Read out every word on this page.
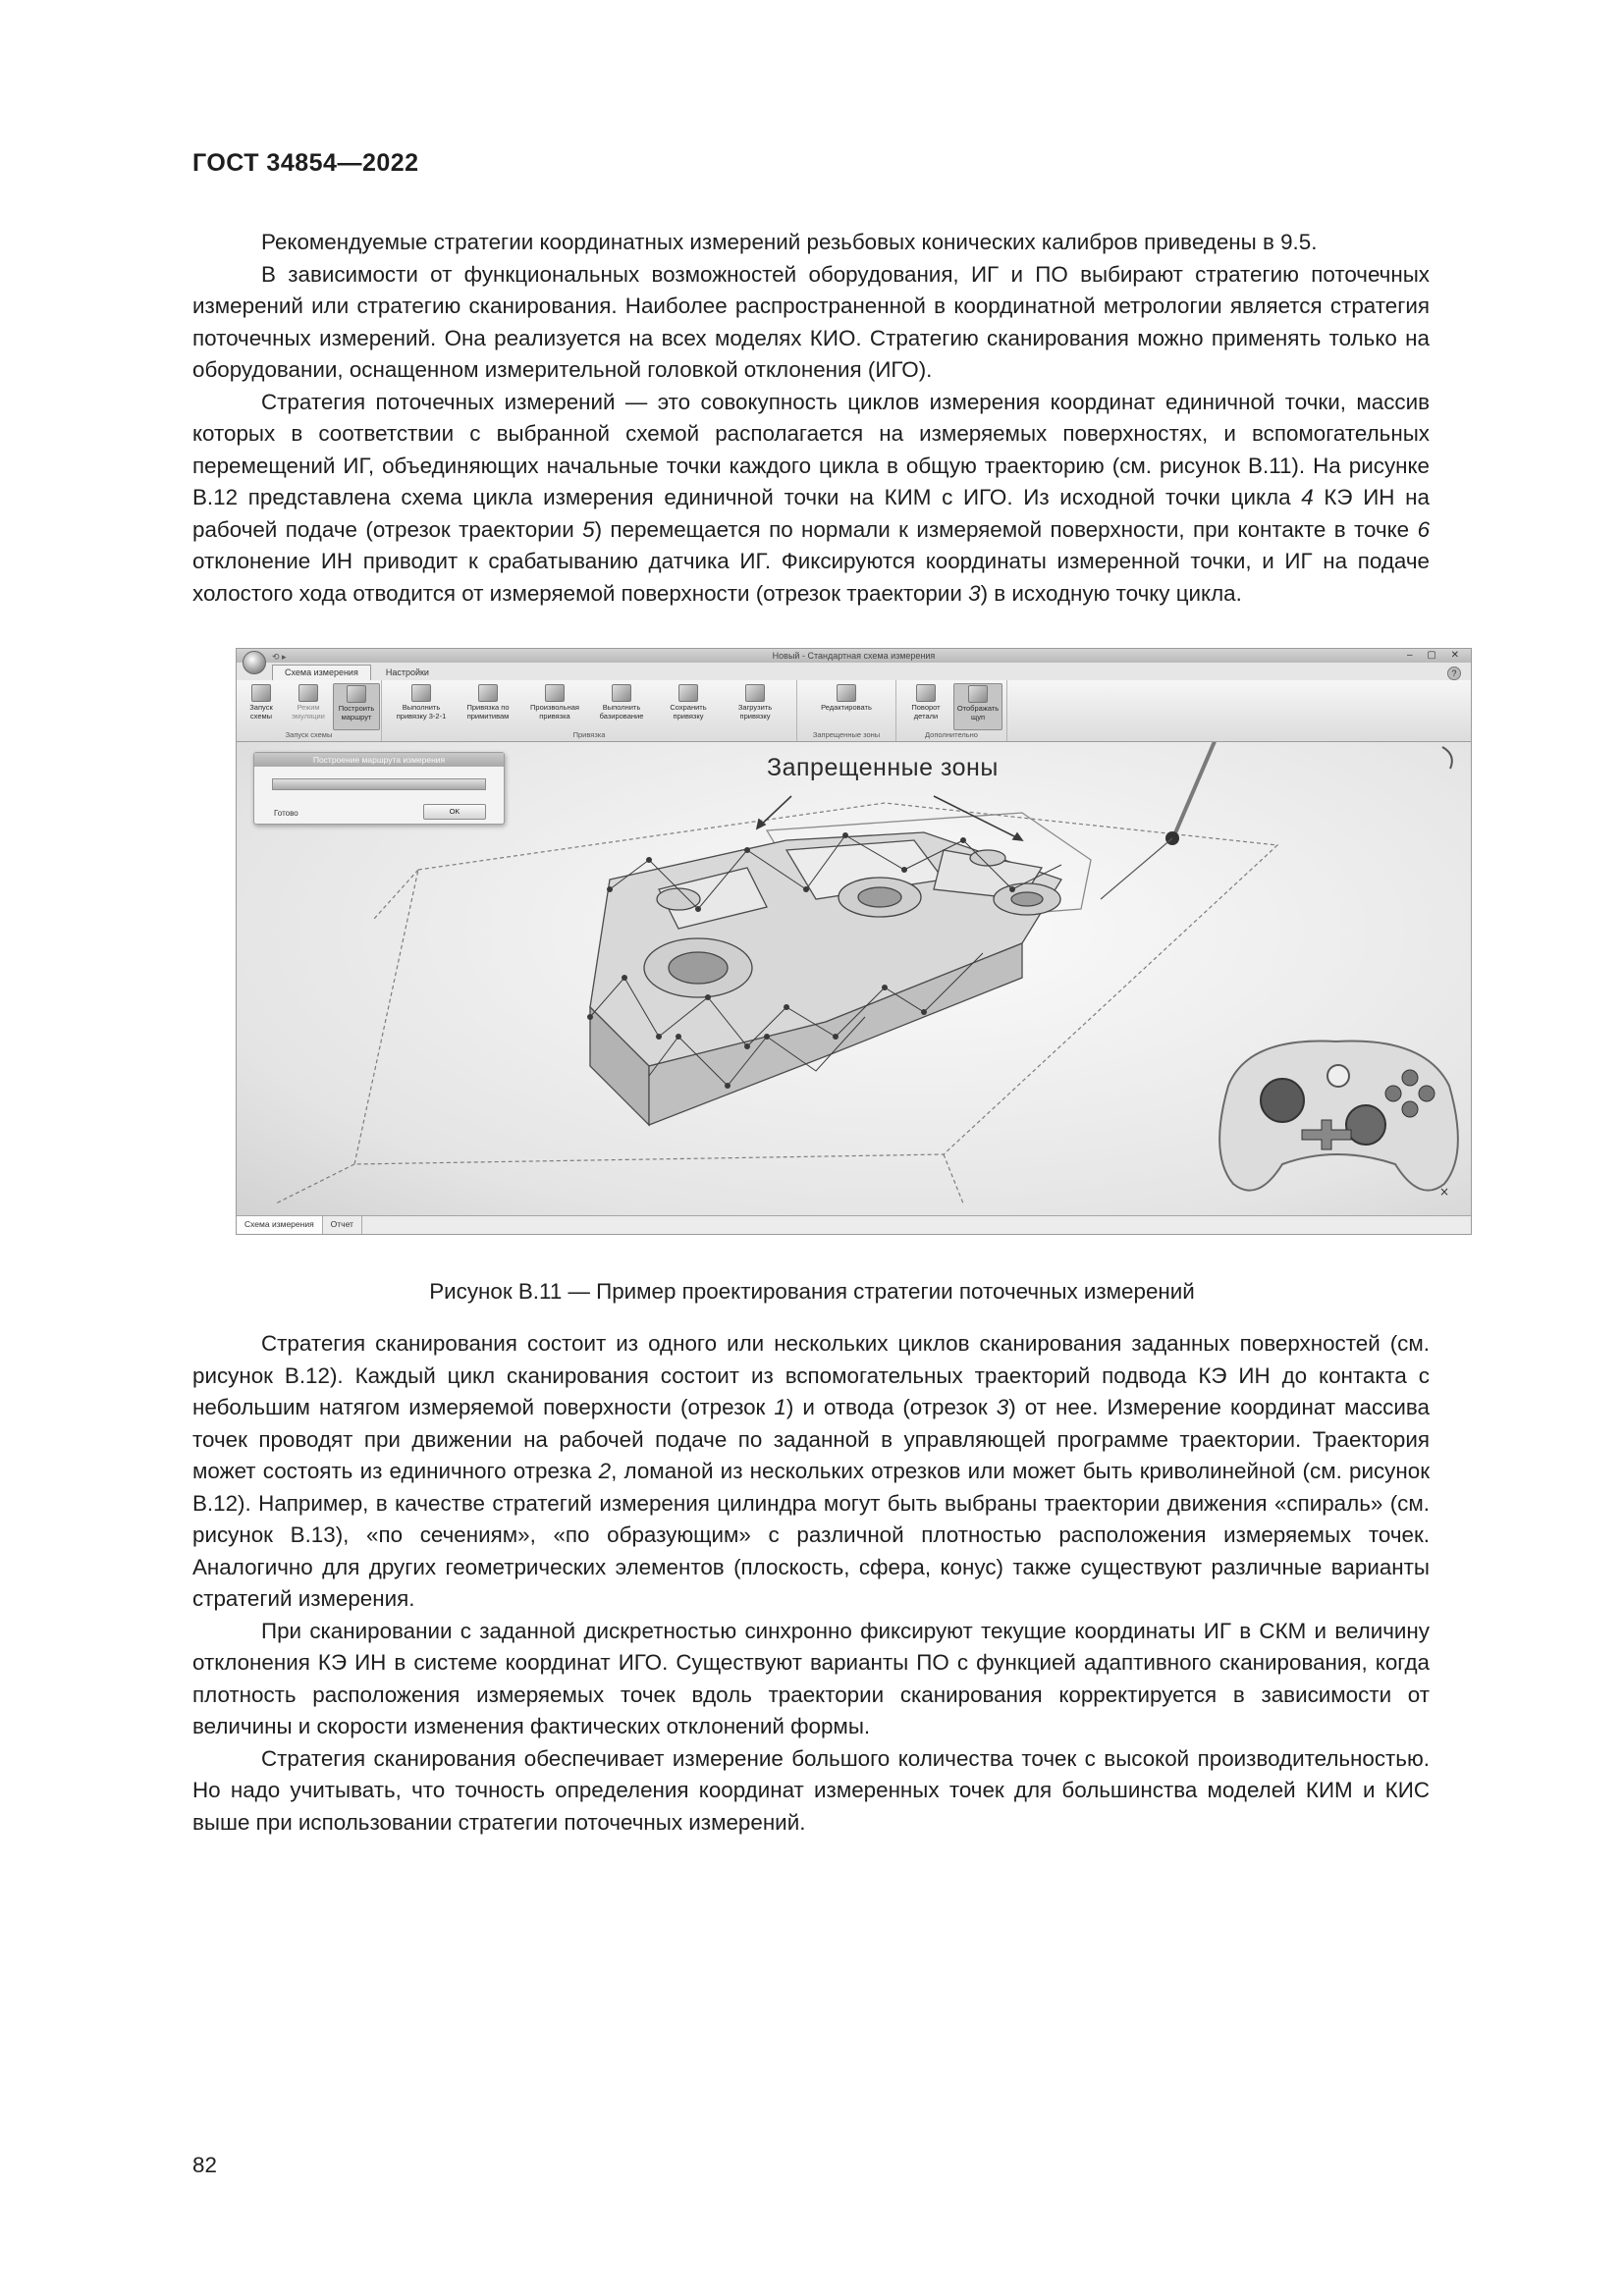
ГОСТ 34854—2022

Рекомендуемые стратегии координатных измерений резьбовых конических калибров приведены в 9.5.

В зависимости от функциональных возможностей оборудования, ИГ и ПО выбирают стратегию поточечных измерений или стратегию сканирования. Наиболее распространенной в координатной метрологии является стратегия поточечных измерений. Она реализуется на всех моделях КИО. Стратегию сканирования можно применять только на оборудовании, оснащенном измерительной головкой отклонения (ИГО).

Стратегия поточечных измерений — это совокупность циклов измерения координат единичной точки, массив которых в соответствии с выбранной схемой располагается на измеряемых поверхностях, и вспомогательных перемещений ИГ, объединяющих начальные точки каждого цикла в общую траекторию (см. рисунок В.11). На рисунке В.12 представлена схема цикла измерения единичной точки на КИМ с ИГО. Из исходной точки цикла 4 КЭ ИН на рабочей подаче (отрезок траектории 5) перемещается по нормали к измеряемой поверхности, при контакте в точке 6 отклонение ИН приводит к срабатыванию датчика ИГ. Фиксируются координаты измеренной точки, и ИГ на подаче холостого хода отводится от измеряемой поверхности (отрезок траектории 3) в исходную точку цикла.

Новый - Стандартная схема измерения
⟲ ▸	– ▢ ✕
Схема измерения	Настройки	?
Запуск схемы
Режим эмуляции
Построить маршрут
Запуск схемы
Выполнить привязку 3-2-1
Привязка по примитивам
Произвольная привязка
Выполнить базирование
Сохранить привязку
Загрузить привязку
Привязка
Редактировать
Запрещенные зоны
Поворот детали
Отображать щуп
Дополнительно
×
Запрещенные зоны
Построение маршрута измерения
Готово	OK
Схема измерения	Отчет

Рисунок В.11 — Пример проектирования стратегии поточечных измерений

Стратегия сканирования состоит из одного или нескольких циклов сканирования заданных поверхностей (см. рисунок В.12). Каждый цикл сканирования состоит из вспомогательных траекторий подвода КЭ ИН до контакта с небольшим натягом измеряемой поверхности (отрезок 1) и отвода (отрезок 3) от нее. Измерение координат массива точек проводят при движении на рабочей подаче по заданной в управляющей программе траектории. Траектория может состоять из единичного отрезка 2, ломаной из нескольких отрезков или может быть криволинейной (см. рисунок В.12). Например, в качестве стратегий измерения цилиндра могут быть выбраны траектории движения «спираль» (см. рисунок В.13), «по сечениям», «по образующим» с различной плотностью расположения измеряемых точек. Аналогично для других геометрических элементов (плоскость, сфера, конус) также существуют различные варианты стратегий измерения.

При сканировании с заданной дискретностью синхронно фиксируют текущие координаты ИГ в СКМ и величину отклонения КЭ ИН в системе координат ИГО. Существуют варианты ПО с функцией адаптивного сканирования, когда плотность расположения измеряемых точек вдоль траектории сканирования корректируется в зависимости от величины и скорости изменения фактических отклонений формы.

Стратегия сканирования обеспечивает измерение большого количества точек с высокой производительностью. Но надо учитывать, что точность определения координат измеренных точек для большинства моделей КИМ и КИС выше при использовании стратегии поточечных измерений.

82
